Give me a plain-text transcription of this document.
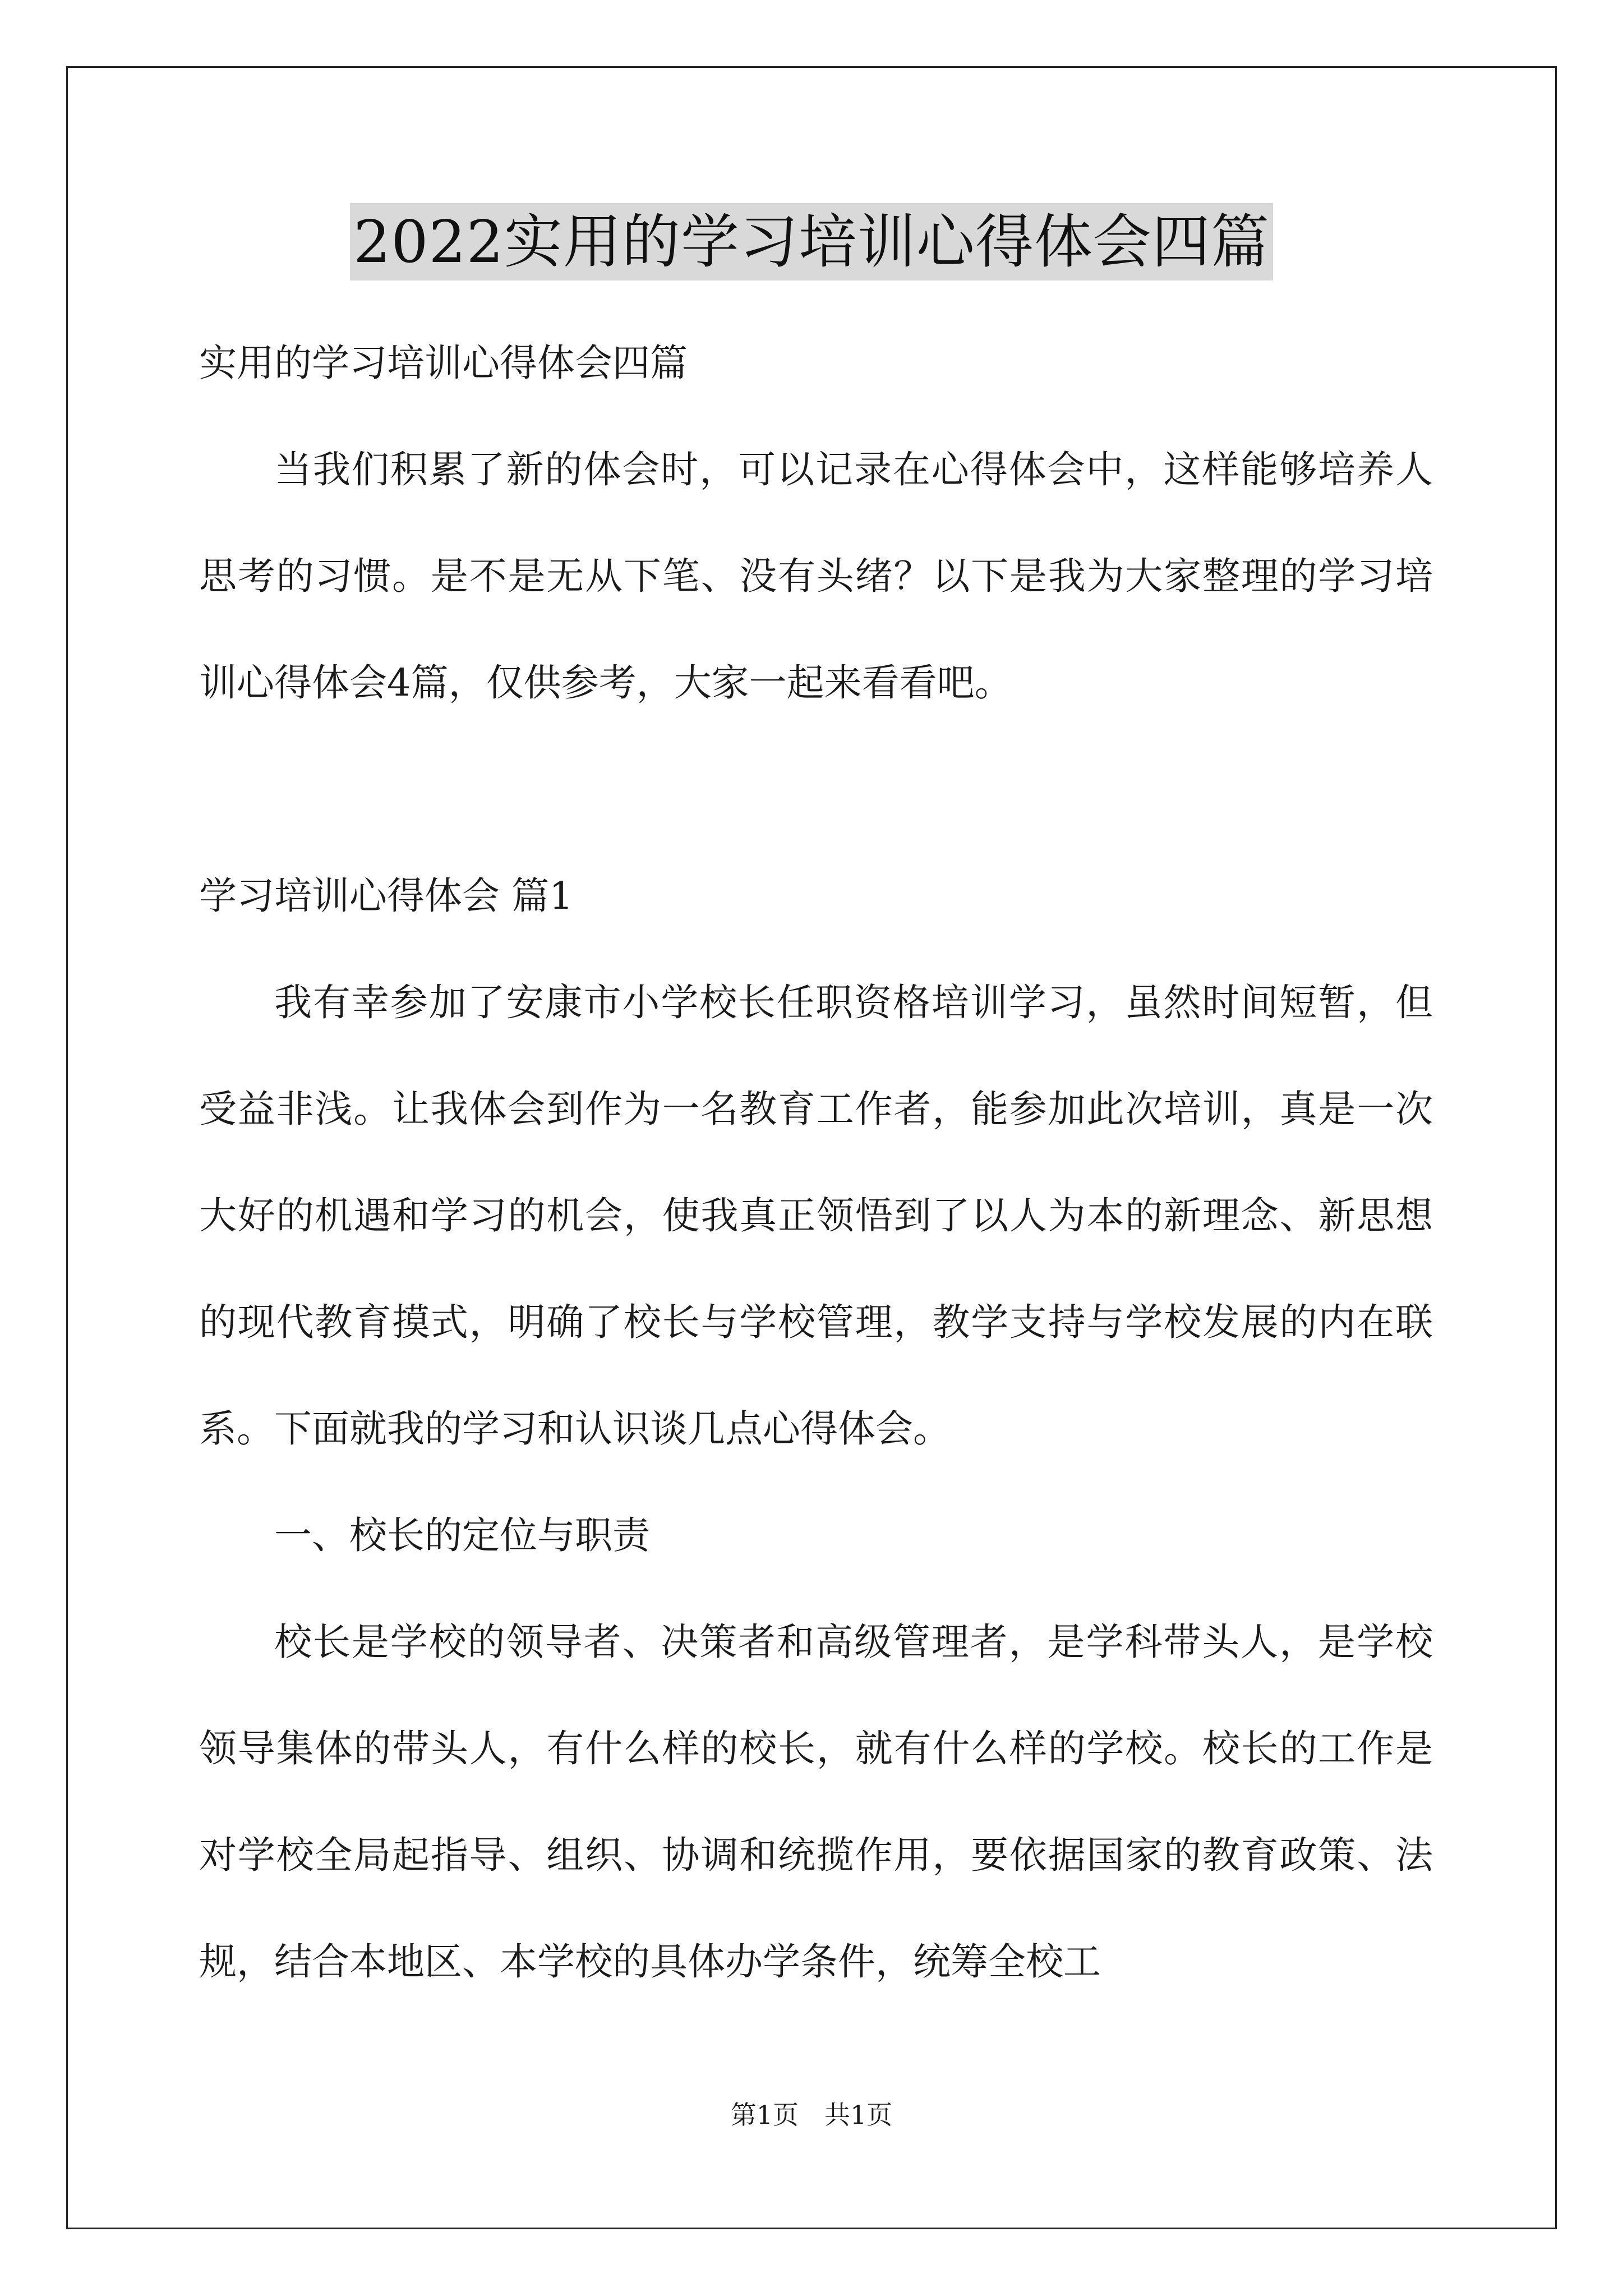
2022实用的学习培训心得体会四篇

实用的学习培训心得体会四篇

当我们积累了新的体会时，可以记录在心得体会中，这样能够培养人思考的习惯。是不是无从下笔、没有头绪？以下是我为大家整理的学习培训心得体会4篇，仅供参考，大家一起来看看吧。

学习培训心得体会 篇1

我有幸参加了安康市小学校长任职资格培训学习，虽然时间短暂，但受益非浅。让我体会到作为一名教育工作者，能参加此次培训，真是一次大好的机遇和学习的机会，使我真正领悟到了以人为本的新理念、新思想的现代教育摸式，明确了校长与学校管理，教学支持与学校发展的内在联系。下面就我的学习和认识谈几点心得体会。

一、校长的定位与职责

校长是学校的领导者、决策者和高级管理者，是学科带头人，是学校领导集体的带头人，有什么样的校长，就有什么样的学校。校长的工作是对学校全局起指导、组织、协调和统揽作用，要依据国家的教育政策、法规，结合本地区、本学校的具体办学条件，统筹全校工

第1页 共1页
